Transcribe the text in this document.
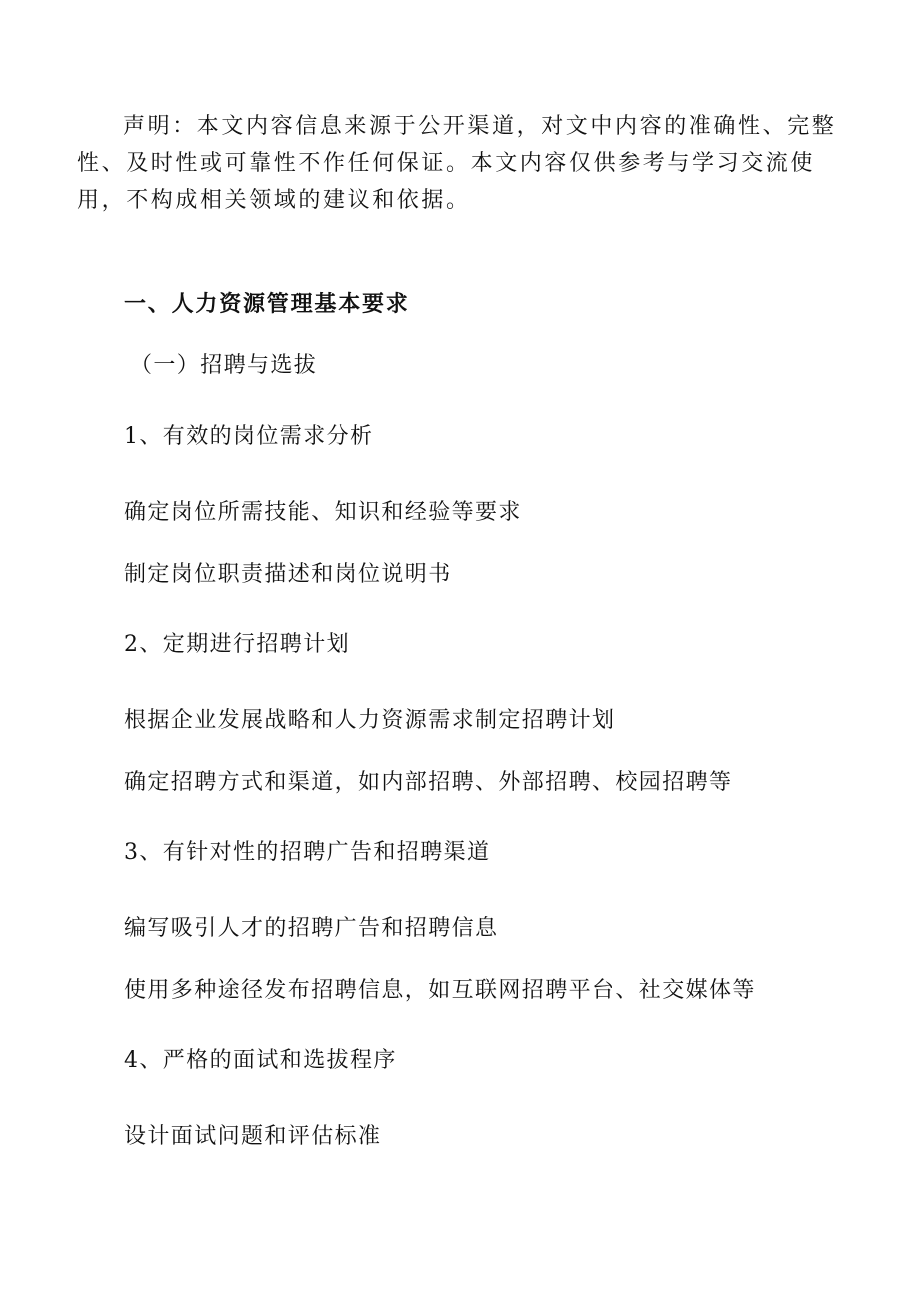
声明：本文内容信息来源于公开渠道，对文中内容的准确性、完整性、及时性或可靠性不作任何保证。本文内容仅供参考与学习交流使用，不构成相关领域的建议和依据。

一、人力资源管理基本要求

（一）招聘与选拔

1、有效的岗位需求分析

确定岗位所需技能、知识和经验等要求

制定岗位职责描述和岗位说明书

2、定期进行招聘计划

根据企业发展战略和人力资源需求制定招聘计划

确定招聘方式和渠道，如内部招聘、外部招聘、校园招聘等

3、有针对性的招聘广告和招聘渠道

编写吸引人才的招聘广告和招聘信息

使用多种途径发布招聘信息，如互联网招聘平台、社交媒体等

4、严格的面试和选拔程序

设计面试问题和评估标准
